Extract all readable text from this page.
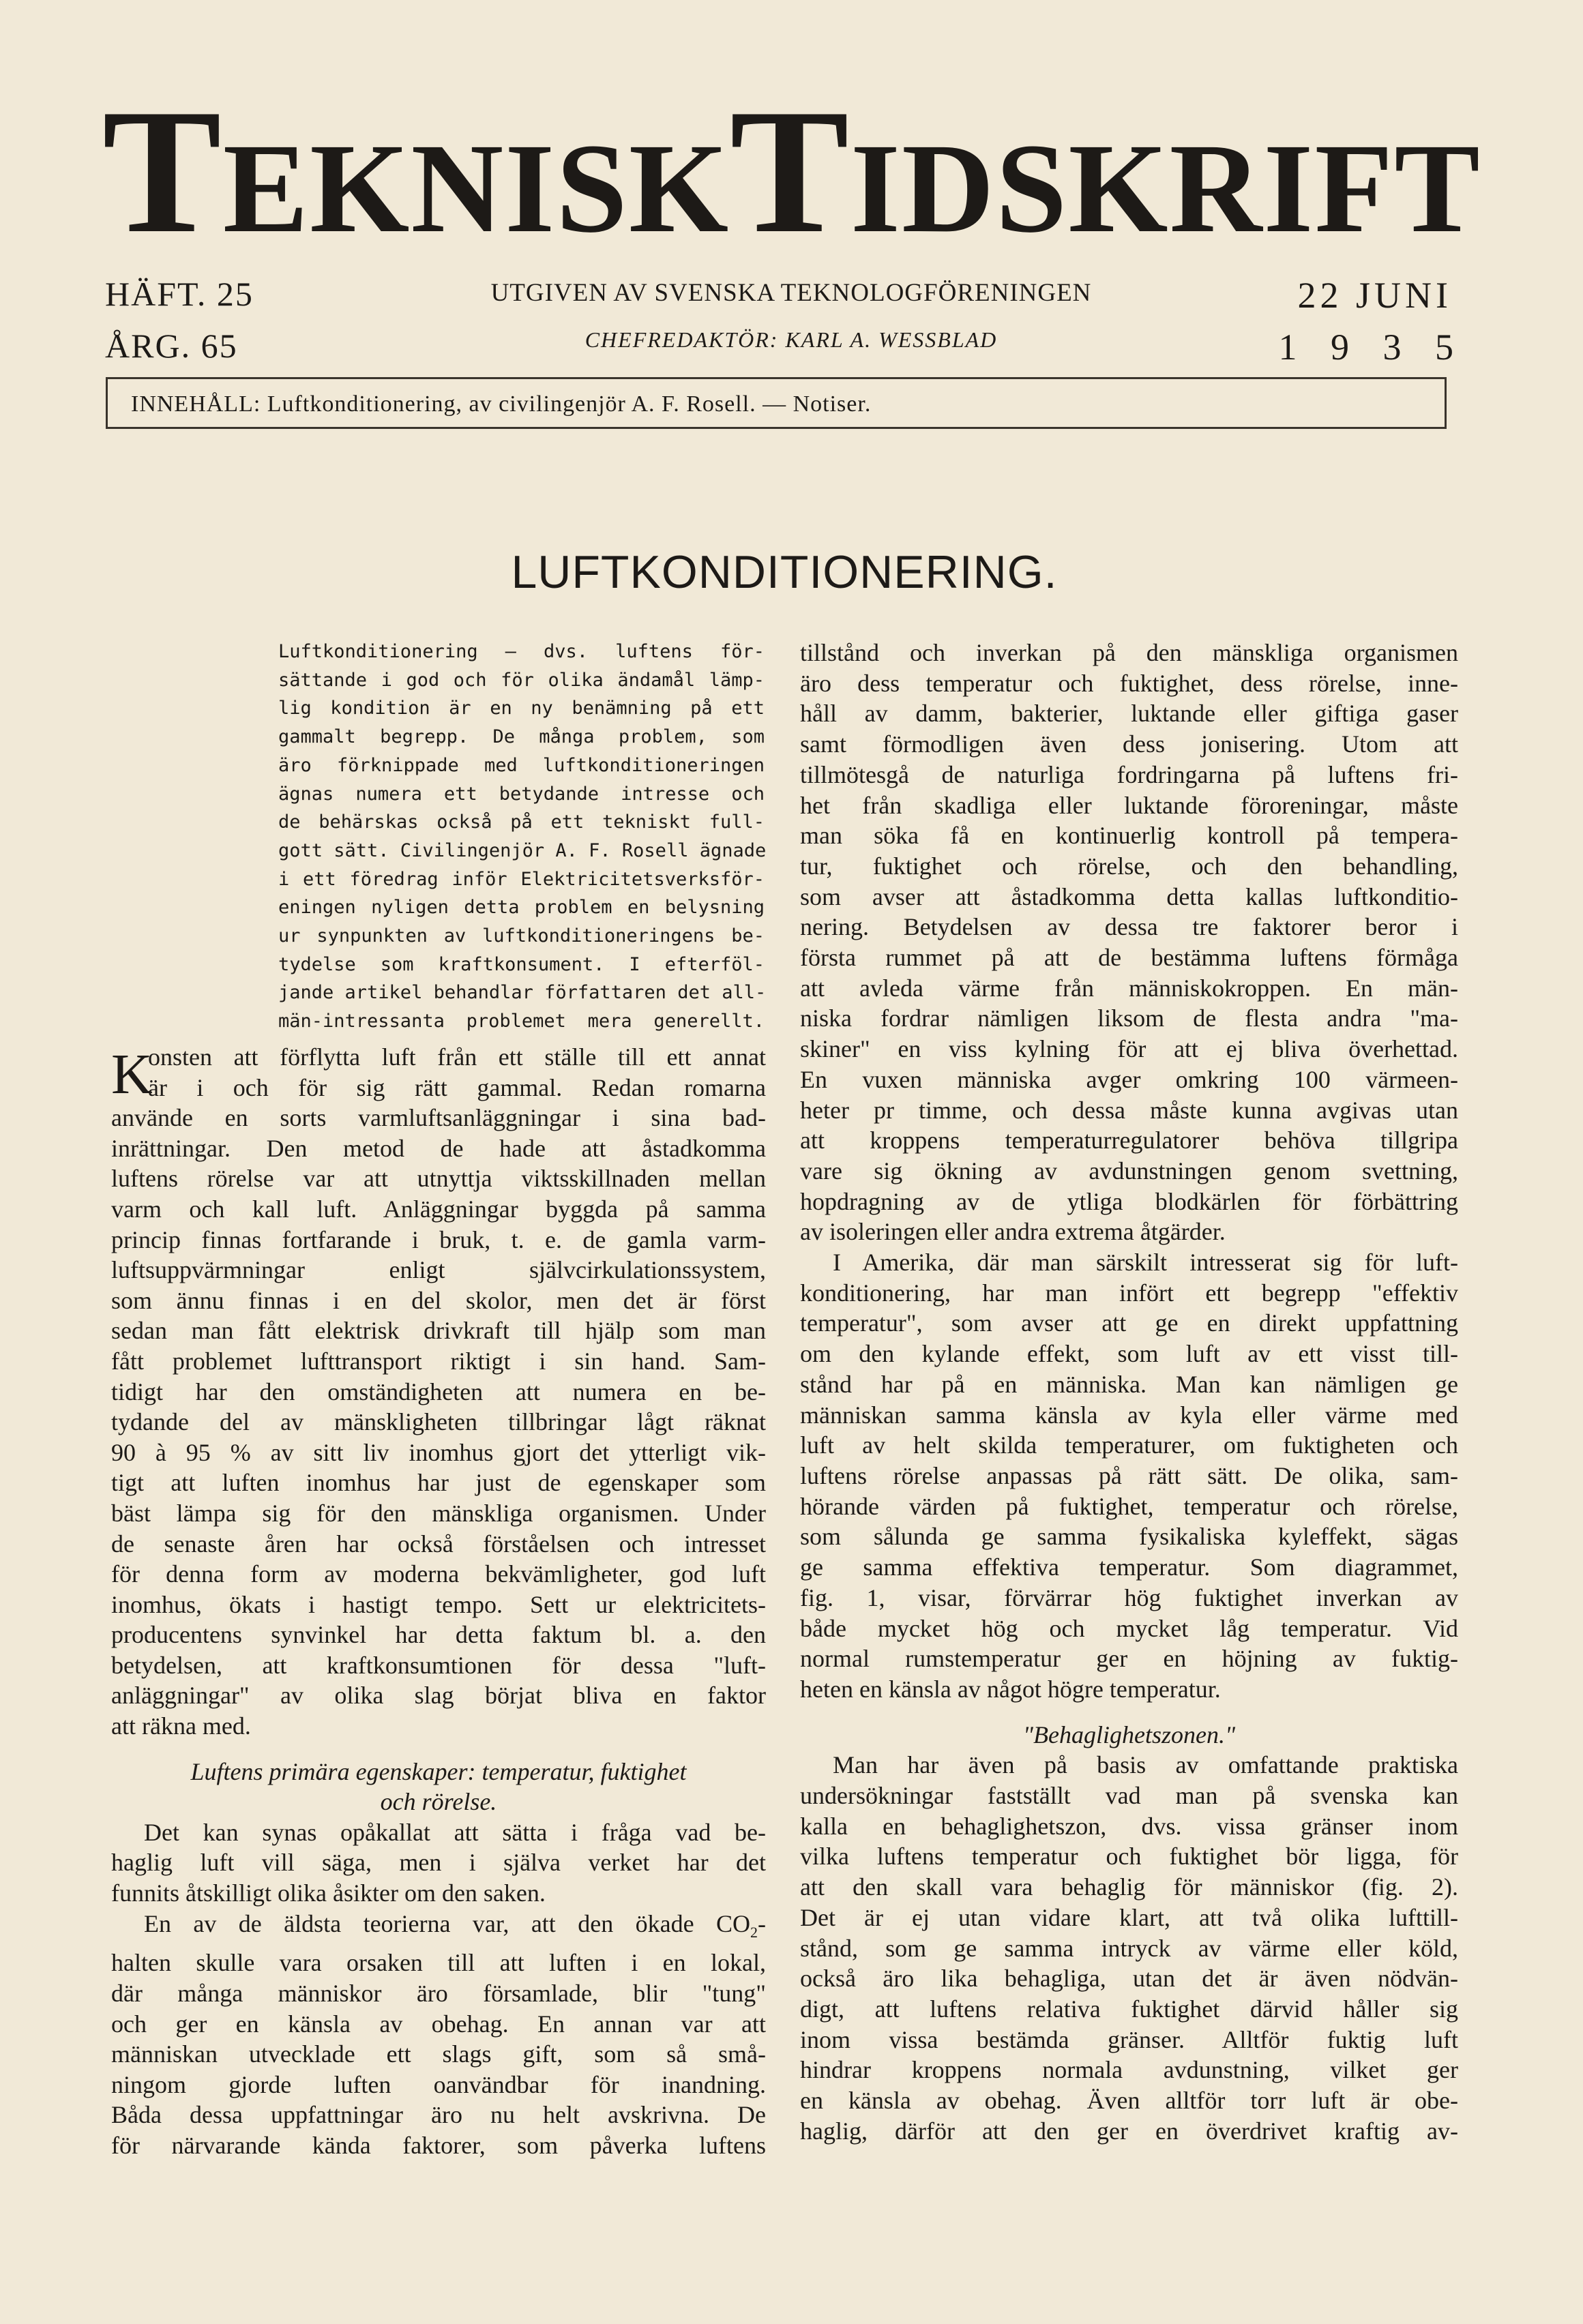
TEKNISKTIDSKRIFT
HÄFT. 25
ÅRG. 65
UTGIVEN AV SVENSKA TEKNOLOGFÖRENINGEN
CHEFREDAKTÖR: KARL A. WESSBLAD
22 JUNI
1 9 3 5
INNEHÅLL: Luftkonditionering, av civilingenjör A. F. Rosell. — Notiser.
LUFTKONDITIONERING.
Luftkonditionering — dvs. luftens för-
sättande i god och för olika ändamål lämp-
lig kondition är en ny benämning på ett
gammalt begrepp. De många problem, som
äro förknippade med luftkonditioneringen
ägnas numera ett betydande intresse och
de behärskas också på ett tekniskt full-
gott sätt. Civilingenjör A. F. Rosell ägnade
i ett föredrag inför Elektricitetsverksför-
eningen nyligen detta problem en belysning
ur synpunkten av luftkonditioneringens be-
tydelse som kraftkonsument. I efterföl-
jande artikel behandlar författaren det all-
män-intressanta problemet mera generellt.
K
onsten att förflytta luft från ett ställe till ett annat
är i och för sig rätt gammal. Redan romarna
använde en sorts varmluftsanläggningar i sina bad-
inrättningar. Den metod de hade att åstadkomma
luftens rörelse var att utnyttja viktsskillnaden mellan
varm och kall luft. Anläggningar byggda på samma
princip finnas fortfarande i bruk, t. e. de gamla varm-
luftsuppvärmningar enligt självcirkulationssystem,
som ännu finnas i en del skolor, men det är först
sedan man fått elektrisk drivkraft till hjälp som man
fått problemet lufttransport riktigt i sin hand. Sam-
tidigt har den omständigheten att numera en be-
tydande del av mänskligheten tillbringar lågt räknat
90 à 95 % av sitt liv inomhus gjort det ytterligt vik-
tigt att luften inomhus har just de egenskaper som
bäst lämpa sig för den mänskliga organismen. Under
de senaste åren har också förståelsen och intresset
för denna form av moderna bekvämligheter, god luft
inomhus, ökats i hastigt tempo. Sett ur elektricitets-
producentens synvinkel har detta faktum bl. a. den
betydelsen, att kraftkonsumtionen för dessa "luft-
anläggningar" av olika slag börjat bliva en faktor
att räkna med.
Luftens primära egenskaper: temperatur, fuktighet
och rörelse.
Det kan synas opåkallat att sätta i fråga vad be-
haglig luft vill säga, men i själva verket har det
funnits åtskilligt olika åsikter om den saken.
En av de äldsta teorierna var, att den ökade $CO_2-$
halten skulle vara orsaken till att luften i en lokal,
där många människor äro församlade, blir "tung"
och ger en känsla av obehag. En annan var att
människan utvecklade ett slags gift, som så små-
ningom gjorde luften oanvändbar för inandning.
Båda dessa uppfattningar äro nu helt avskrivna. De
för närvarande kända faktorer, som påverka luftens
tillstånd och inverkan på den mänskliga organismen
äro dess temperatur och fuktighet, dess rörelse, inne-
håll av damm, bakterier, luktande eller giftiga gaser
samt förmodligen även dess jonisering. Utom att
tillmötesgå de naturliga fordringarna på luftens fri-
het från skadliga eller luktande föroreningar, måste
man söka få en kontinuerlig kontroll på tempera-
tur, fuktighet och rörelse, och den behandling,
som avser att åstadkomma detta kallas luftkonditio-
nering. Betydelsen av dessa tre faktorer beror i
första rummet på att de bestämma luftens förmåga
att avleda värme från människokroppen. En män-
niska fordrar nämligen liksom de flesta andra "ma-
skiner" en viss kylning för att ej bliva överhettad.
En vuxen människa avger omkring 100 värmeen-
heter pr timme, och dessa måste kunna avgivas utan
att kroppens temperaturregulatorer behöva tillgripa
vare sig ökning av avdunstningen genom svettning,
hopdragning av de ytliga blodkärlen för förbättring
av isoleringen eller andra extrema åtgärder.
I Amerika, där man särskilt intresserat sig för luft-
konditionering, har man infört ett begrepp "effektiv
temperatur", som avser att ge en direkt uppfattning
om den kylande effekt, som luft av ett visst till-
stånd har på en människa. Man kan nämligen ge
människan samma känsla av kyla eller värme med
luft av helt skilda temperaturer, om fuktigheten och
luftens rörelse anpassas på rätt sätt. De olika, sam-
hörande värden på fuktighet, temperatur och rörelse,
som sålunda ge samma fysikaliska kyleffekt, sägas
ge samma effektiva temperatur. Som diagrammet,
fig. 1, visar, förvärrar hög fuktighet inverkan av
både mycket hög och mycket låg temperatur. Vid
normal rumstemperatur ger en höjning av fuktig-
heten en känsla av något högre temperatur.
"Behaglighetszonen."
Man har även på basis av omfattande praktiska
undersökningar fastställt vad man på svenska kan
kalla en behaglighetszon, dvs. vissa gränser inom
vilka luftens temperatur och fuktighet bör ligga, för
att den skall vara behaglig för människor (fig. 2).
Det är ej utan vidare klart, att två olika lufttill-
stånd, som ge samma intryck av värme eller köld,
också äro lika behagliga, utan det är även nödvän-
digt, att luftens relativa fuktighet därvid håller sig
inom vissa bestämda gränser. Alltför fuktig luft
hindrar kroppens normala avdunstning, vilket ger
en känsla av obehag. Även alltför torr luft är obe-
haglig, därför att den ger en överdrivet kraftig av-
